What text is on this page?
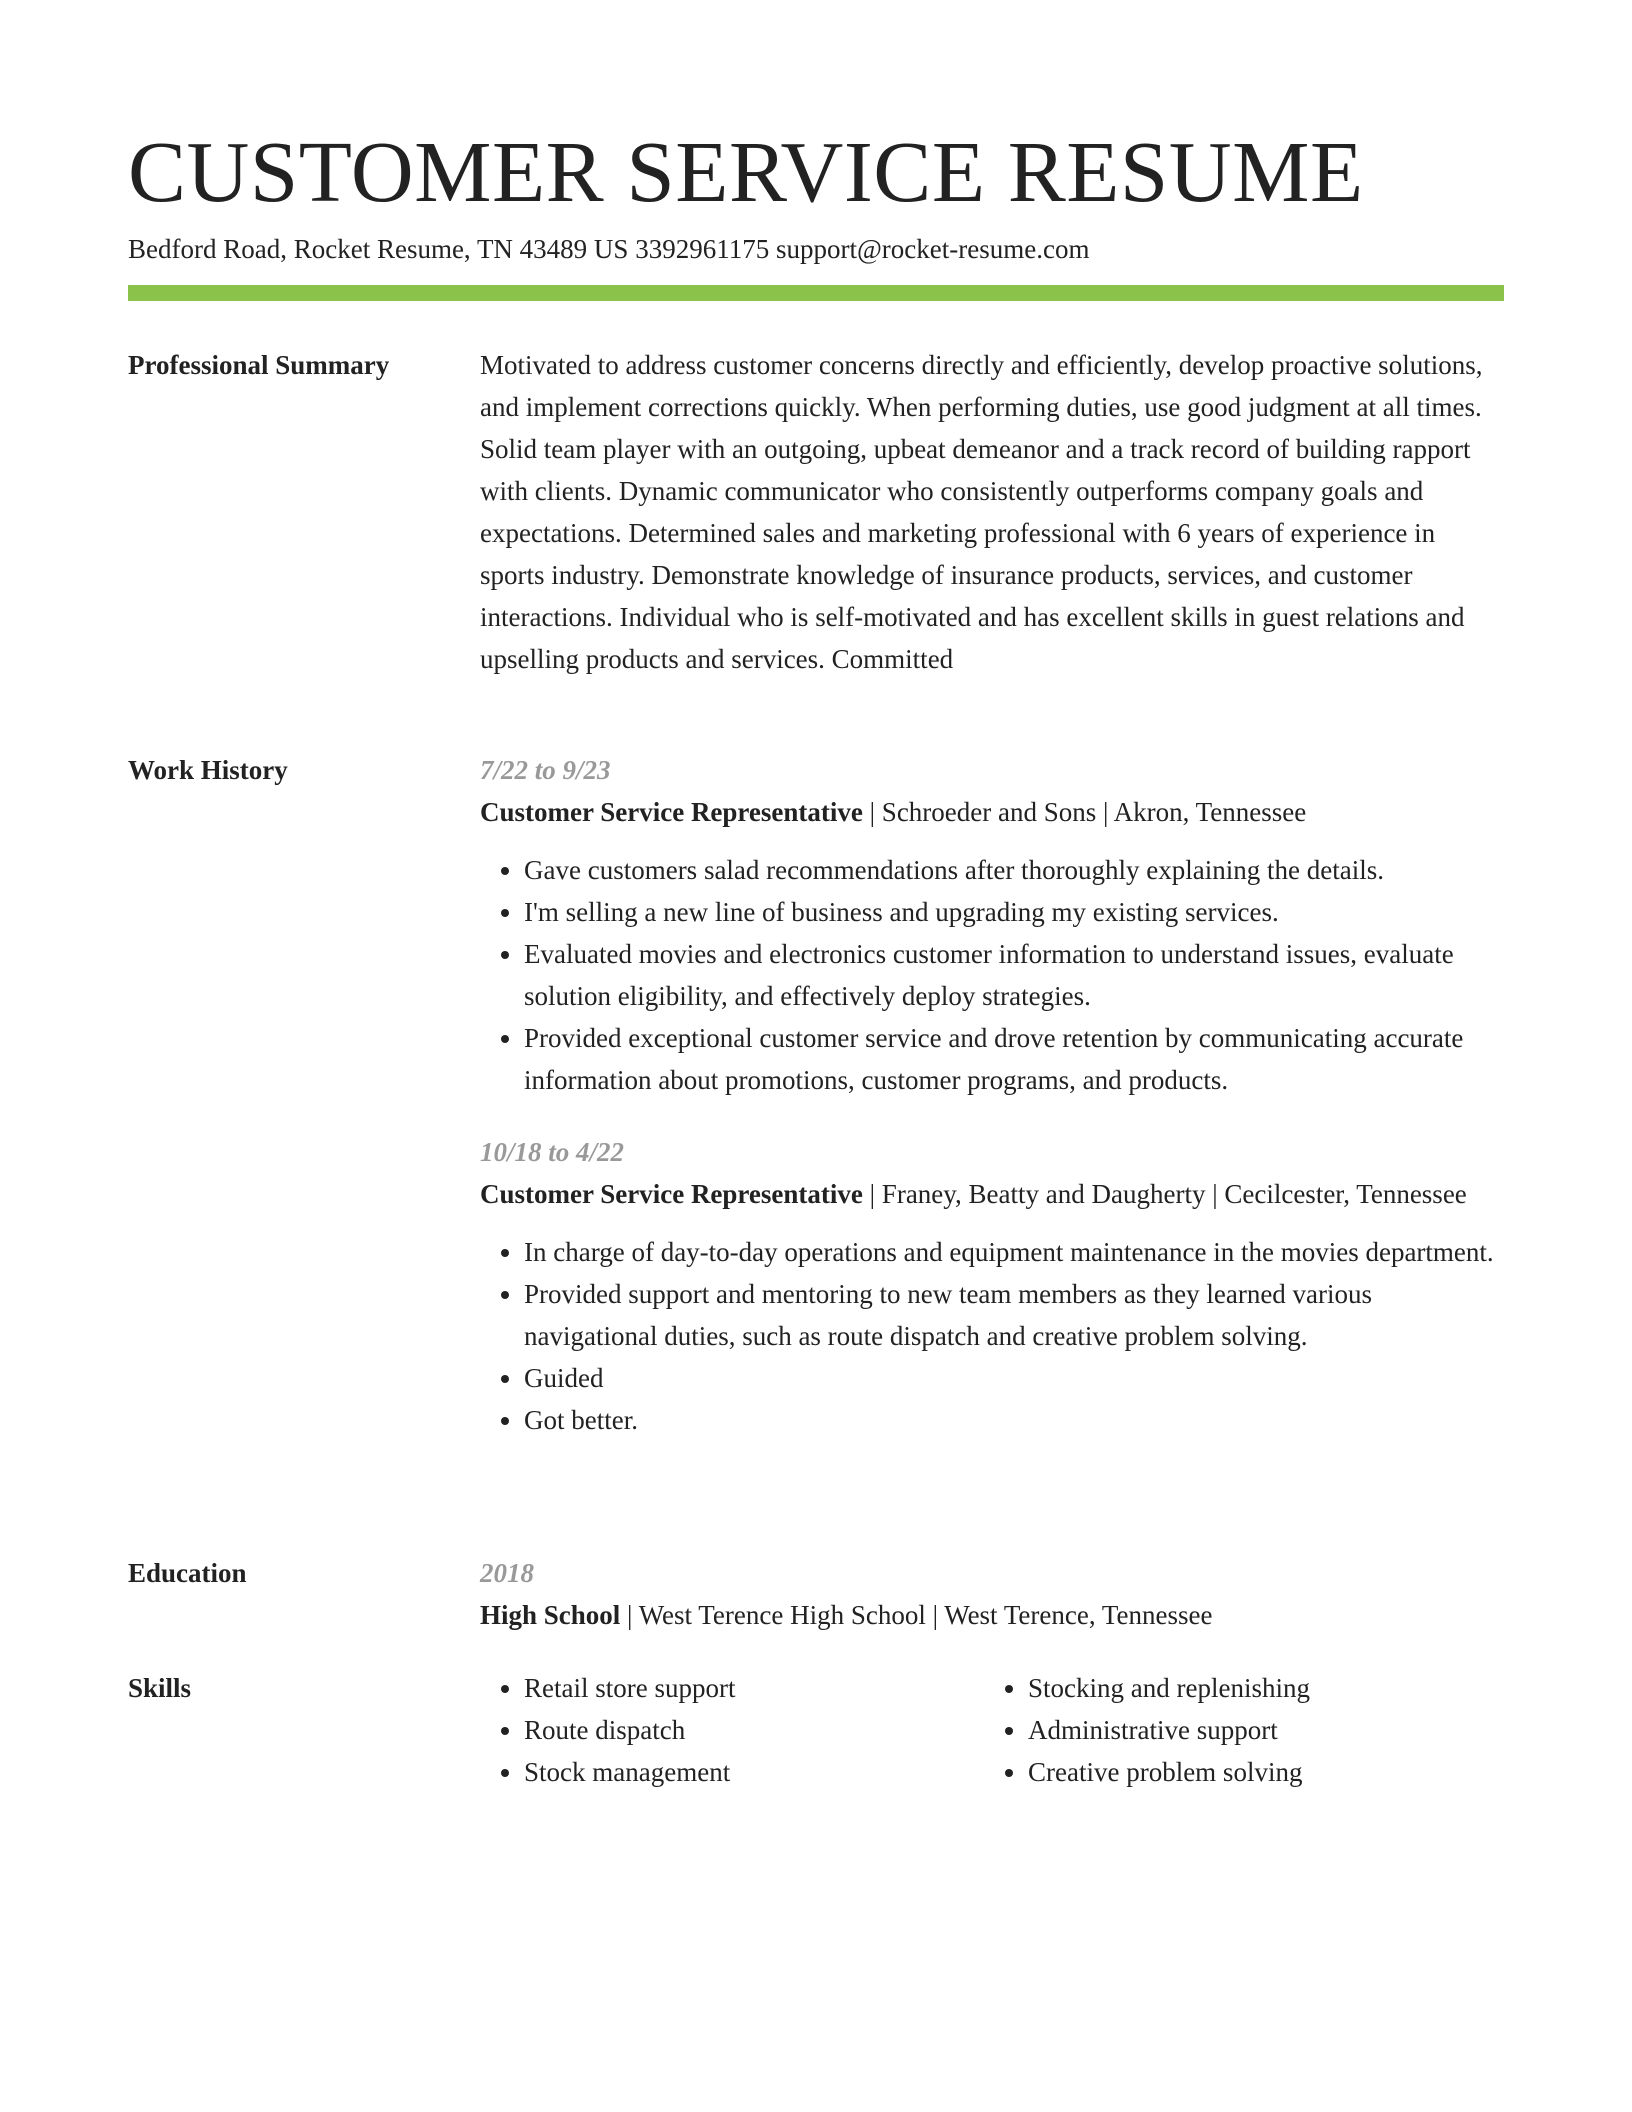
CUSTOMER SERVICE RESUME
Bedford Road, Rocket Resume, TN 43489 US 3392961175 support@rocket-resume.com
Professional Summary	Motivated to address customer concerns directly and efficiently, develop proactive solutions, and implement corrections quickly. When performing duties, use good judgment at all times. Solid team player with an outgoing, upbeat demeanor and a track record of building rapport with clients. Dynamic communicator who consistently outperforms company goals and expectations. Determined sales and marketing professional with 6 years of experience in sports industry. Demonstrate knowledge of insurance products, services, and customer interactions. Individual who is self-motivated and has excellent skills in guest relations and upselling products and services. Committed

Work History	7/22 to 9/23

Customer Service Representative | Schroeder and Sons | Akron, Tennessee

• Gave customers salad recommendations after thoroughly explaining the details.
• I'm selling a new line of business and upgrading my existing services.
• Evaluated movies and electronics customer information to understand issues, evaluate solution eligibility, and effectively deploy strategies.
• Provided exceptional customer service and drove retention by communicating accurate information about promotions, customer programs, and products.

10/18 to 4/22

Customer Service Representative | Franey, Beatty and Daugherty | Cecilcester, Tennessee

• In charge of day-to-day operations and equipment maintenance in the movies department.
• Provided support and mentoring to new team members as they learned various navigational duties, such as route dispatch and creative problem solving.
• Guided
• Got better.
Education	2018

High School | West Terence High School | West Terence, Tennessee

Skills
•	Retail store support
• Route dispatch
• Stock management
• Stocking and replenishing
• Administrative support
• Creative problem solving
